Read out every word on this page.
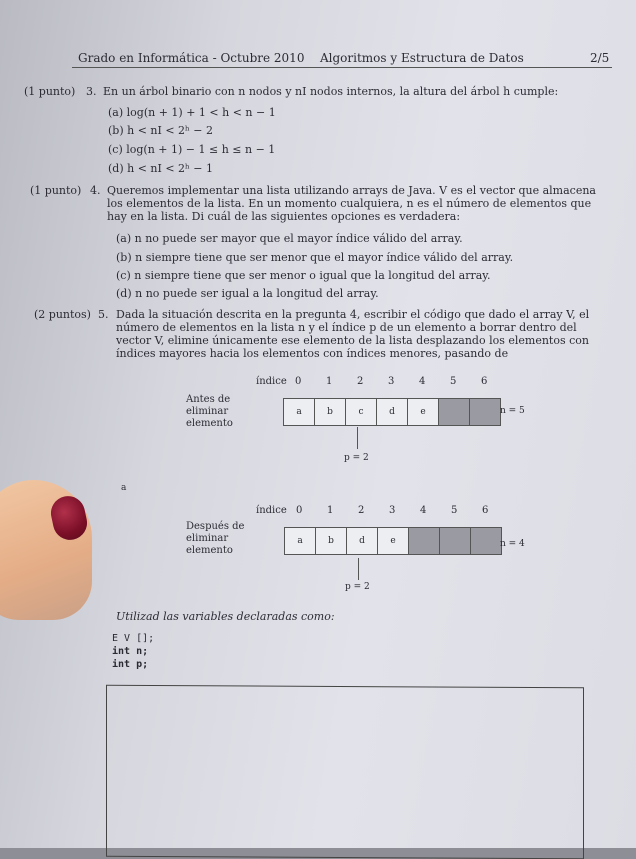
Grado en Informática - Octubre 2010 Algoritmos y Estructura de Datos	2/5
(1 punto) 3. En un árbol binario con n nodos y nI nodos internos, la altura del árbol h cumple:
(a) log(n + 1) + 1 < h < n − 1
(b) h < nI < 2ʰ − 2
(c) log(n + 1) − 1 ≤ h ≤ n − 1
(d) h < nI < 2ʰ − 1
(1 punto) 4. Queremos implementar una lista utilizando arrays de Java. V es el vector que almacena los elementos de la lista. En un momento cualquiera, n es el número de elementos que hay en la lista. Di cuál de las siguientes opciones es verdadera:
(a) n no puede ser mayor que el mayor índice válido del array.
(b) n siempre tiene que ser menor que el mayor índice válido del array.
(c) n siempre tiene que ser menor o igual que la longitud del array.
(d) n no puede ser igual a la longitud del array.
(2 puntos) 5. Dada la situación descrita en la pregunta 4, escribir el código que dado el array V, el número de elementos en la lista n y el índice p de un elemento a borrar dentro del vector V, elimine únicamente ese elemento de la lista desplazando los elementos con índices mayores hacia los elementos con índices menores, pasando de
Antes de
eliminar
elemento
índice 0 1 2 3 4 5 6
a	b	c	d	e	n = 5
p = 2
a
Después de
eliminar
elemento
índice 0 1 2 3 4 5 6
a	b	d	e	n = 4
p = 2
Utilizad las variables declaradas como:
E V [];
int n;
int p;
